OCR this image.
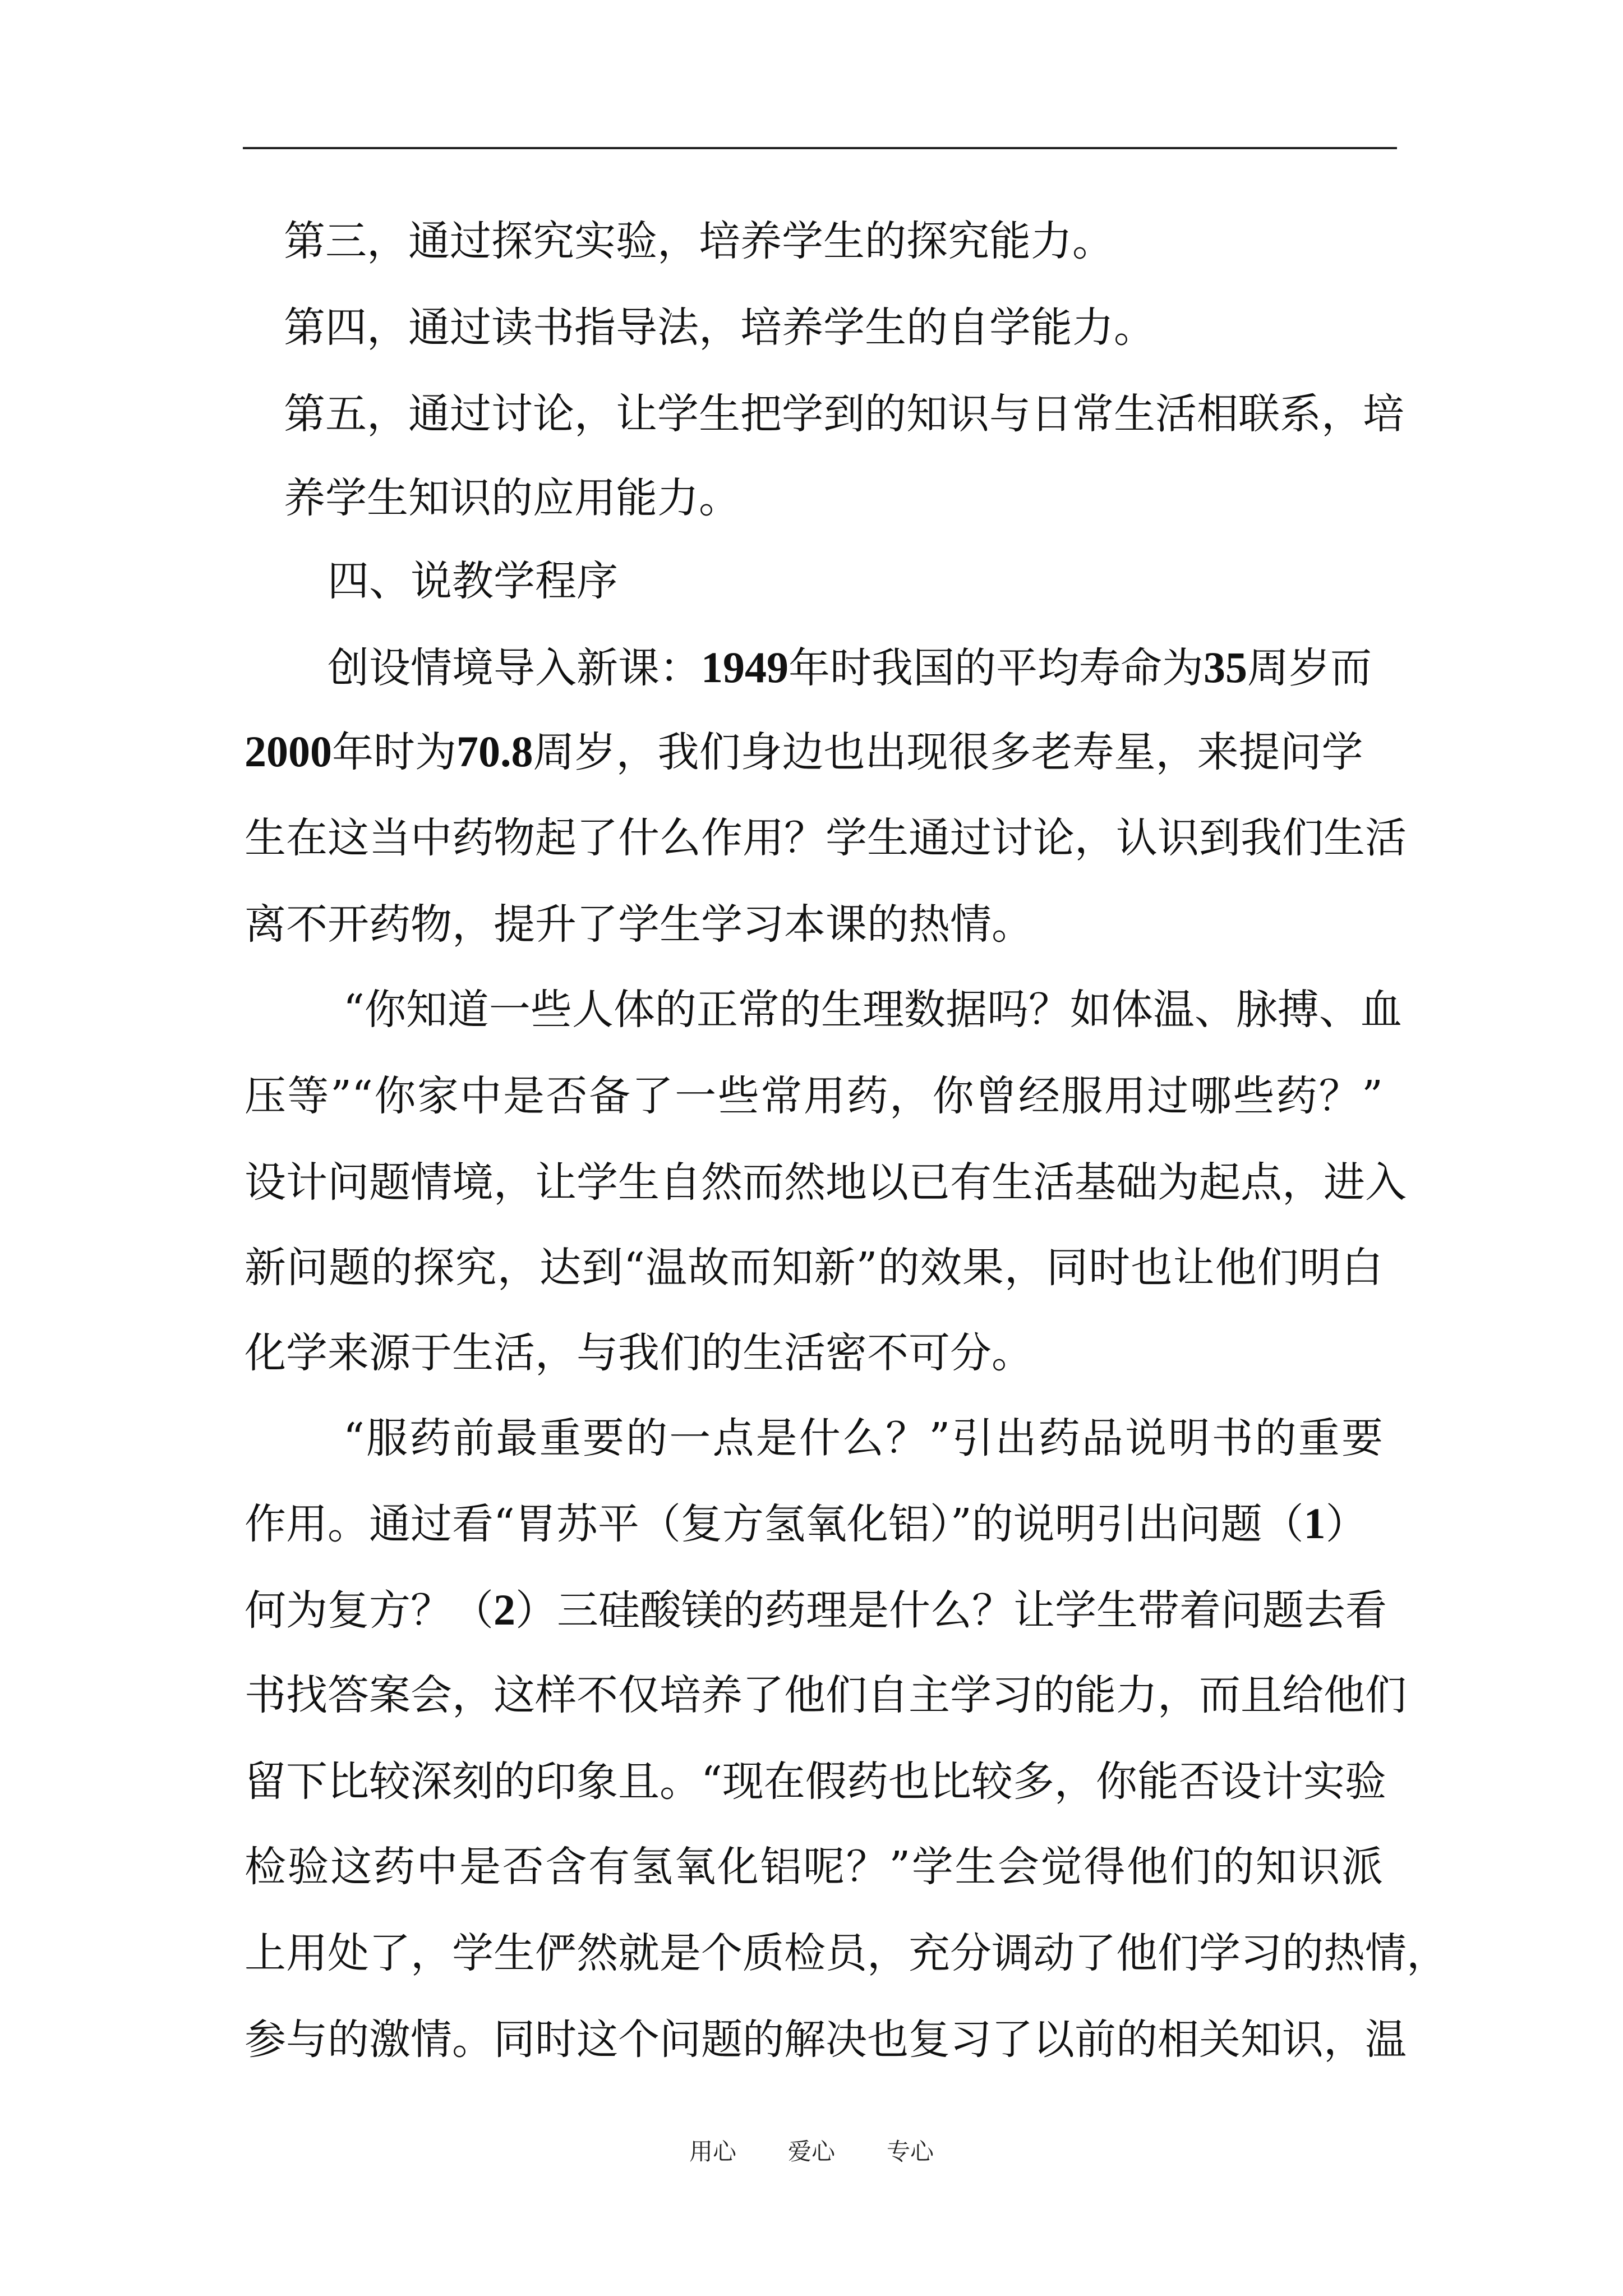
第三，通过探究实验，培养学生的探究能力。
第四，通过读书指导法，培养学生的自学能力。
第五，通过讨论，让学生把学到的知识与日常生活相联系，培
养学生知识的应用能力。
四、说教学程序
创设情境导入新课：1949年时我国的平均寿命为35周岁而
2000年时为70.8周岁，我们身边也出现很多老寿星，来提问学
生在这当中药物起了什么作用？学生通过讨论，认识到我们生活
离不开药物，提升了学生学习本课的热情。
“你知道一些人体的正常的生理数据吗？如体温、脉搏、血
压等”“你家中是否备了一些常用药，你曾经服用过哪些药？”
设计问题情境，让学生自然而然地以已有生活基础为起点，进入
新问题的探究，达到“温故而知新”的效果，同时也让他们明白
化学来源于生活，与我们的生活密不可分。
“服药前最重要的一点是什么？”引出药品说明书的重要
作用。通过看“胃苏平（复方氢氧化铝）”的说明引出问题（1）
何为复方？（2）三硅酸镁的药理是什么？让学生带着问题去看
书找答案会，这样不仅培养了他们自主学习的能力，而且给他们
留下比较深刻的印象且。“现在假药也比较多，你能否设计实验
检验这药中是否含有氢氧化铝呢？”学生会觉得他们的知识派
上用处了，学生俨然就是个质检员，充分调动了他们学习的热情，
参与的激情。同时这个问题的解决也复习了以前的相关知识，温
用心 爱心 专心
